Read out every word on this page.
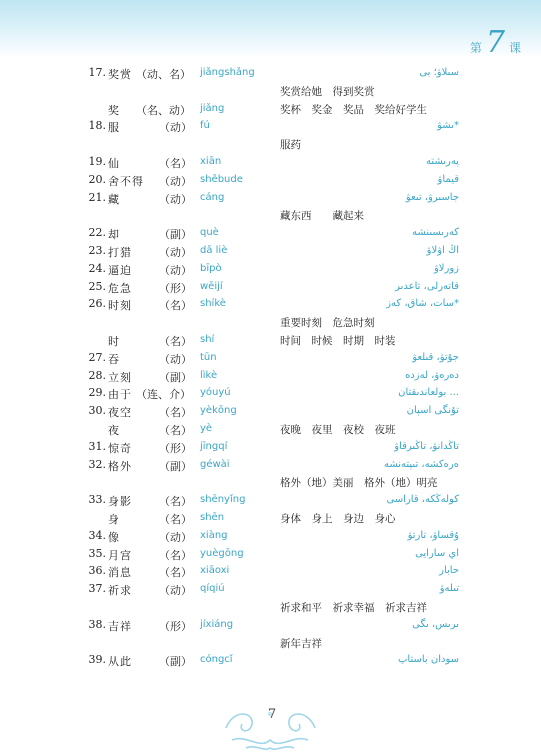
第 7 课
17. 奖赏 （动、名） jiǎngshǎng	سىلاۋ؛ بى
奖赏给她　得到奖赏
奖 （名、动） jiǎng	奖杯　奖金　奖品　奖给好学生
18. 服	（动） fú	*ىشۋ
服药
19. 仙	（名） xiān	پەرىشتە
20. 舍不得 （动） shěbude	قيماۋ
21. 藏	（动） cáng	جاسىرۋ، تىعۋ
藏东西　　藏起来
22. 却	（副） què	كەرىسىنشە
23. 打猎 （动） dǎ liè	اڭ اۋلاۋ
24. 逼迫 （动） bīpò	زورلاۋ
25. 危急 （形） wēijí	قاتەرلى، تاعدىر
26. 时刻 （名） shíkè	*سات، شاق، كەز
重要时刻　危急时刻
时	（名） shí	时间　时候　时期　时装
27. 吞	（动） tūn	جۇتۋ، قىلعۋ
28. 立刻 （副） lìkè	دەرەۋ، لەزدە
29. 由于 （连、介） yóuyú	... بولعاندىقتان
30. 夜空 （名） yèkōng	تۇنگى اسپان
夜	（名） yè	夜晚　夜里　夜校　夜班
31. 惊奇 （形） jīngqí	تاڭدانۋ، تاڭىرقاۋ
32. 格外 （副） géwài	ەرەكشە، تىپتەنشە
格外（地）美丽　格外（地）明亮
33. 身影 （名） shēnyǐng	كولەڭكە، قاراسى
身	（名） shēn	身体　身上　身边　身心
34. 像	（动） xiàng	ۇقساۋ، تارتۋ
35. 月宫 （名） yuègōng	اي سارايى
36. 消息 （名） xiāoxi	حابار
37. 祈求 （动） qíqiú	تىلەۋ
祈求和平　祈求幸福　祈求吉祥
38. 吉祥 （形） jíxiáng	ىرىس، ىگى
新年吉祥
39. 从此 （副） cóngcǐ	سودان باستاپ
7
